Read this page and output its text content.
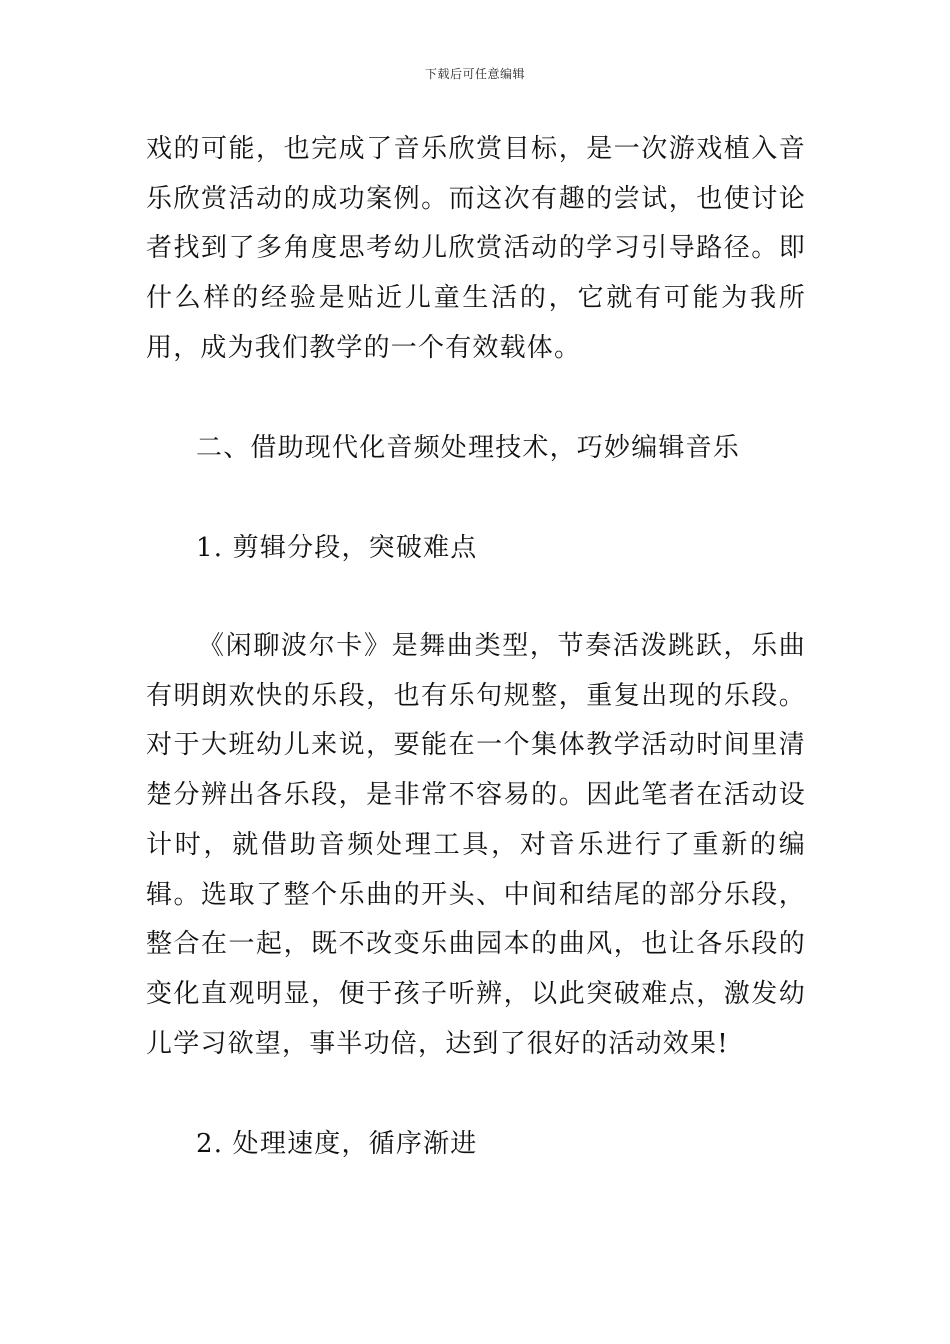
下载后可任意编辑

戏的可能，也完成了音乐欣赏目标，是一次游戏植入音乐欣赏活动的成功案例。而这次有趣的尝试，也使讨论者找到了多角度思考幼儿欣赏活动的学习引导路径。即什么样的经验是贴近儿童生活的，它就有可能为我所用，成为我们教学的一个有效载体。

二、借助现代化音频处理技术，巧妙编辑音乐
1. 剪辑分段，突破难点

《闲聊波尔卡》是舞曲类型，节奏活泼跳跃，乐曲有明朗欢快的乐段，也有乐句规整，重复出现的乐段。对于大班幼儿来说，要能在一个集体教学活动时间里清楚分辨出各乐段，是非常不容易的。因此笔者在活动设计时，就借助音频处理工具，对音乐进行了重新的编辑。选取了整个乐曲的开头、中间和结尾的部分乐段，整合在一起，既不改变乐曲园本的曲风，也让各乐段的变化直观明显，便于孩子听辨，以此突破难点，激发幼儿学习欲望，事半功倍，达到了很好的活动效果!

2. 处理速度，循序渐进
